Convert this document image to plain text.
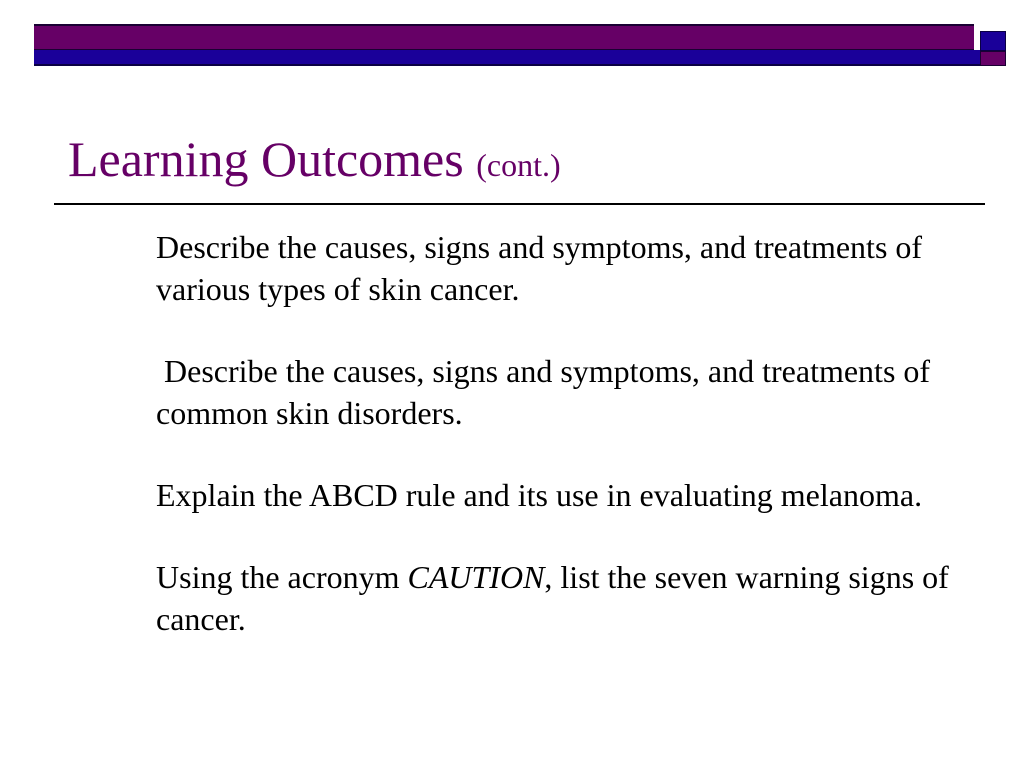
Learning Outcomes (cont.)
Describe the causes, signs and symptoms, and treatments of various types of skin cancer.
Describe the causes, signs and symptoms, and treatments of common skin disorders.
Explain the ABCD rule and its use in evaluating melanoma.
Using the acronym CAUTION, list the seven warning signs of cancer.
